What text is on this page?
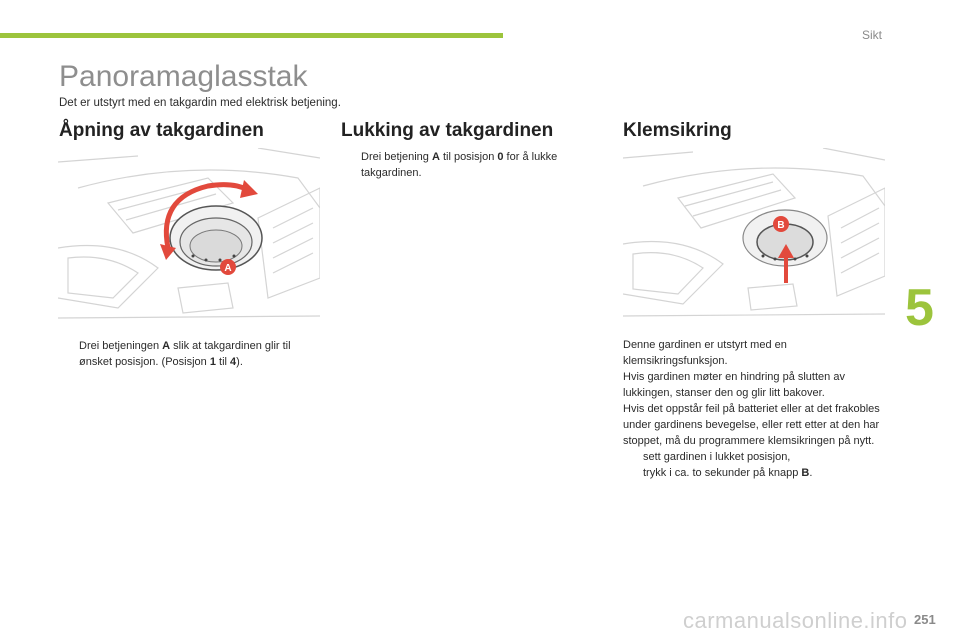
Sikt
Panoramaglasstak
Det er utstyrt med en takgardin med elektrisk betjening.
Åpning av takgardinen
A
Drei betjeningen A slik at takgardinen glir til ønsket posisjon. (Posisjon 1 til 4).
Lukking av takgardinen
Drei betjening A til posisjon 0 for å lukke takgardinen.
Klemsikring
B

Denne gardinen er utstyrt med en klemsikringsfunksjon.

Hvis gardinen møter en hindring på slutten av lukkingen, stanser den og glir litt bakover.

Hvis det oppstår feil på batteriet eller at det frakobles under gardinens bevegelse, eller rett etter at den har stoppet, må du programmere klemsikringen på nytt.

sett gardinen i lukket posisjon,
trykk i ca. to sekunder på knapp B.
5
carmanualsonline.info 251
